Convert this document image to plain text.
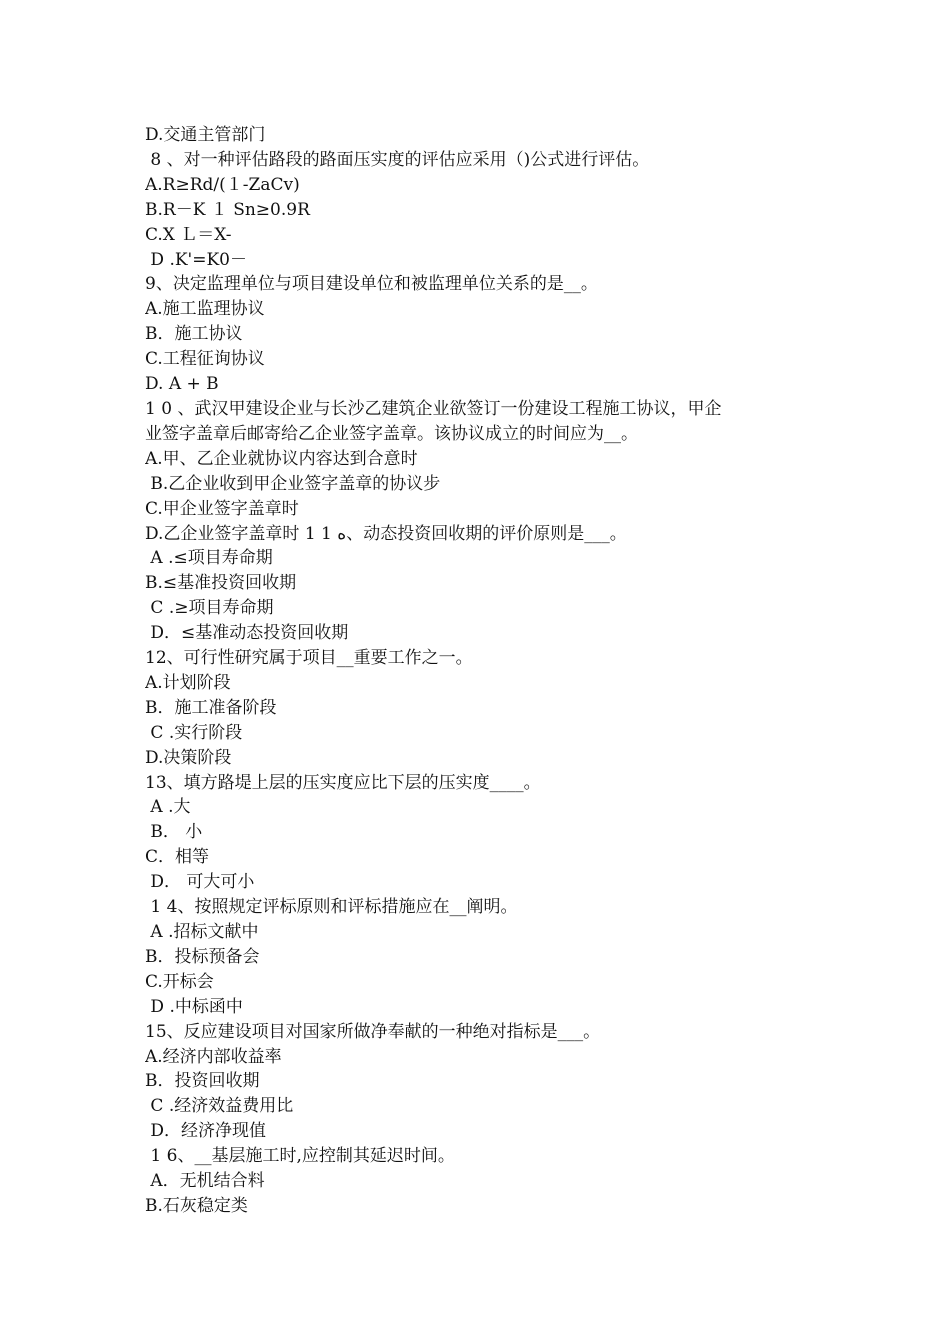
D.交通主管部门
8 、对一种评估路段的路面压实度的评估应采用（)公式进行评估。
A.R≥Rd/(１-ZaCv)
B.R－K １ Sn≥0.9R
C.X Ｌ＝X-
D .K'=K0－
9、决定监理单位与项目建设单位和被监理单位关系的是__。
A.施工监理协议
B．施工协议
C.工程征询协议
D. A + B
1 0 、武汉甲建设企业与长沙乙建筑企业欲签订一份建设工程施工协议，甲企
业签字盖章后邮寄给乙企业签字盖章。该协议成立的时间应为__。
A.甲、乙企业就协议内容达到合意时
B.乙企业收到甲企业签字盖章的协议步
C.甲企业签字盖章时
D.乙企业签字盖章时 1 1 ﻩ、动态投资回收期的评价原则是___。
A .≤项目寿命期
B.≤基准投资回收期
C .≥项目寿命期
D．≤基准动态投资回收期
12、可行性研究属于项目__重要工作之一。
A.计划阶段
B．施工准备阶段
C .实行阶段
D.决策阶段
13、填方路堤上层的压实度应比下层的压实度____。
A .大
B． 小
C．相等
D． 可大可小
1 4、按照规定评标原则和评标措施应在__阐明。
A .招标文献中
B．投标预备会
C.开标会
D .中标函中
15、反应建设项目对国家所做净奉献的一种绝对指标是___。
A.经济内部收益率
B．投资回收期
C .经济效益费用比
D．经济净现值
1 6、__基层施工时,应控制其延迟时间。
A．无机结合料
B.石灰稳定类
